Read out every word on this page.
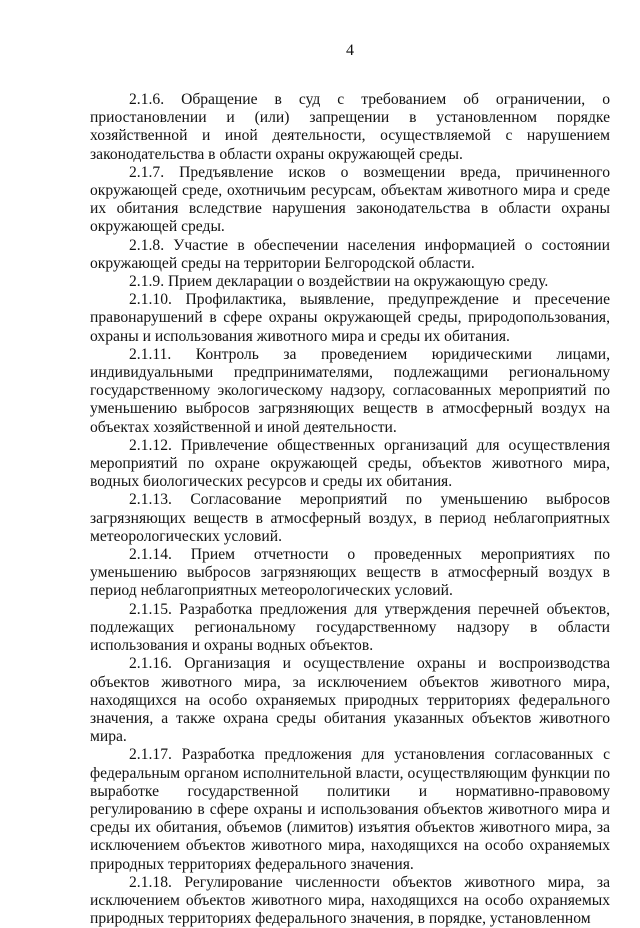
4

2.1.6. Обращение в суд с требованием об ограничении, о приостановлении и (или) запрещении в установленном порядке хозяйственной и иной деятельности, осуществляемой с нарушением законодательства в области охраны окружающей среды.

2.1.7. Предъявление исков о возмещении вреда, причиненного окружающей среде, охотничьим ресурсам, объектам животного мира и среде их обитания вследствие нарушения законодательства в области охраны окружающей среды.

2.1.8. Участие в обеспечении населения информацией о состоянии окружающей среды на территории Белгородской области.

2.1.9. Прием декларации о воздействии на окружающую среду.

2.1.10. Профилактика, выявление, предупреждение и пресечение правонарушений в сфере охраны окружающей среды, природопользования, охраны и использования животного мира и среды их обитания.

2.1.11. Контроль за проведением юридическими лицами, индивидуальными предпринимателями, подлежащими региональному государственному экологическому надзору, согласованных мероприятий по уменьшению выбросов загрязняющих веществ в атмосферный воздух на объектах хозяйственной и иной деятельности.

2.1.12. Привлечение общественных организаций для осуществления мероприятий по охране окружающей среды, объектов животного мира, водных биологических ресурсов и среды их обитания.

2.1.13. Согласование мероприятий по уменьшению выбросов загрязняющих веществ в атмосферный воздух, в период неблагоприятных метеорологических условий.

2.1.14. Прием отчетности о проведенных мероприятиях по уменьшению выбросов загрязняющих веществ в атмосферный воздух в период неблагоприятных метеорологических условий.

2.1.15. Разработка предложения для утверждения перечней объектов, подлежащих региональному государственному надзору в области использования и охраны водных объектов.

2.1.16. Организация и осуществление охраны и воспроизводства объектов животного мира, за исключением объектов животного мира, находящихся на особо охраняемых природных территориях федерального значения, а также охрана среды обитания указанных объектов животного мира.

2.1.17. Разработка предложения для установления согласованных с федеральным органом исполнительной власти, осуществляющим функции по выработке государственной политики и нормативно-правовому регулированию в сфере охраны и использования объектов животного мира и среды их обитания, объемов (лимитов) изъятия объектов животного мира, за исключением объектов животного мира, находящихся на особо охраняемых природных территориях федерального значения.

2.1.18. Регулирование численности объектов животного мира, за исключением объектов животного мира, находящихся на особо охраняемых природных территориях федерального значения, в порядке, установленном
